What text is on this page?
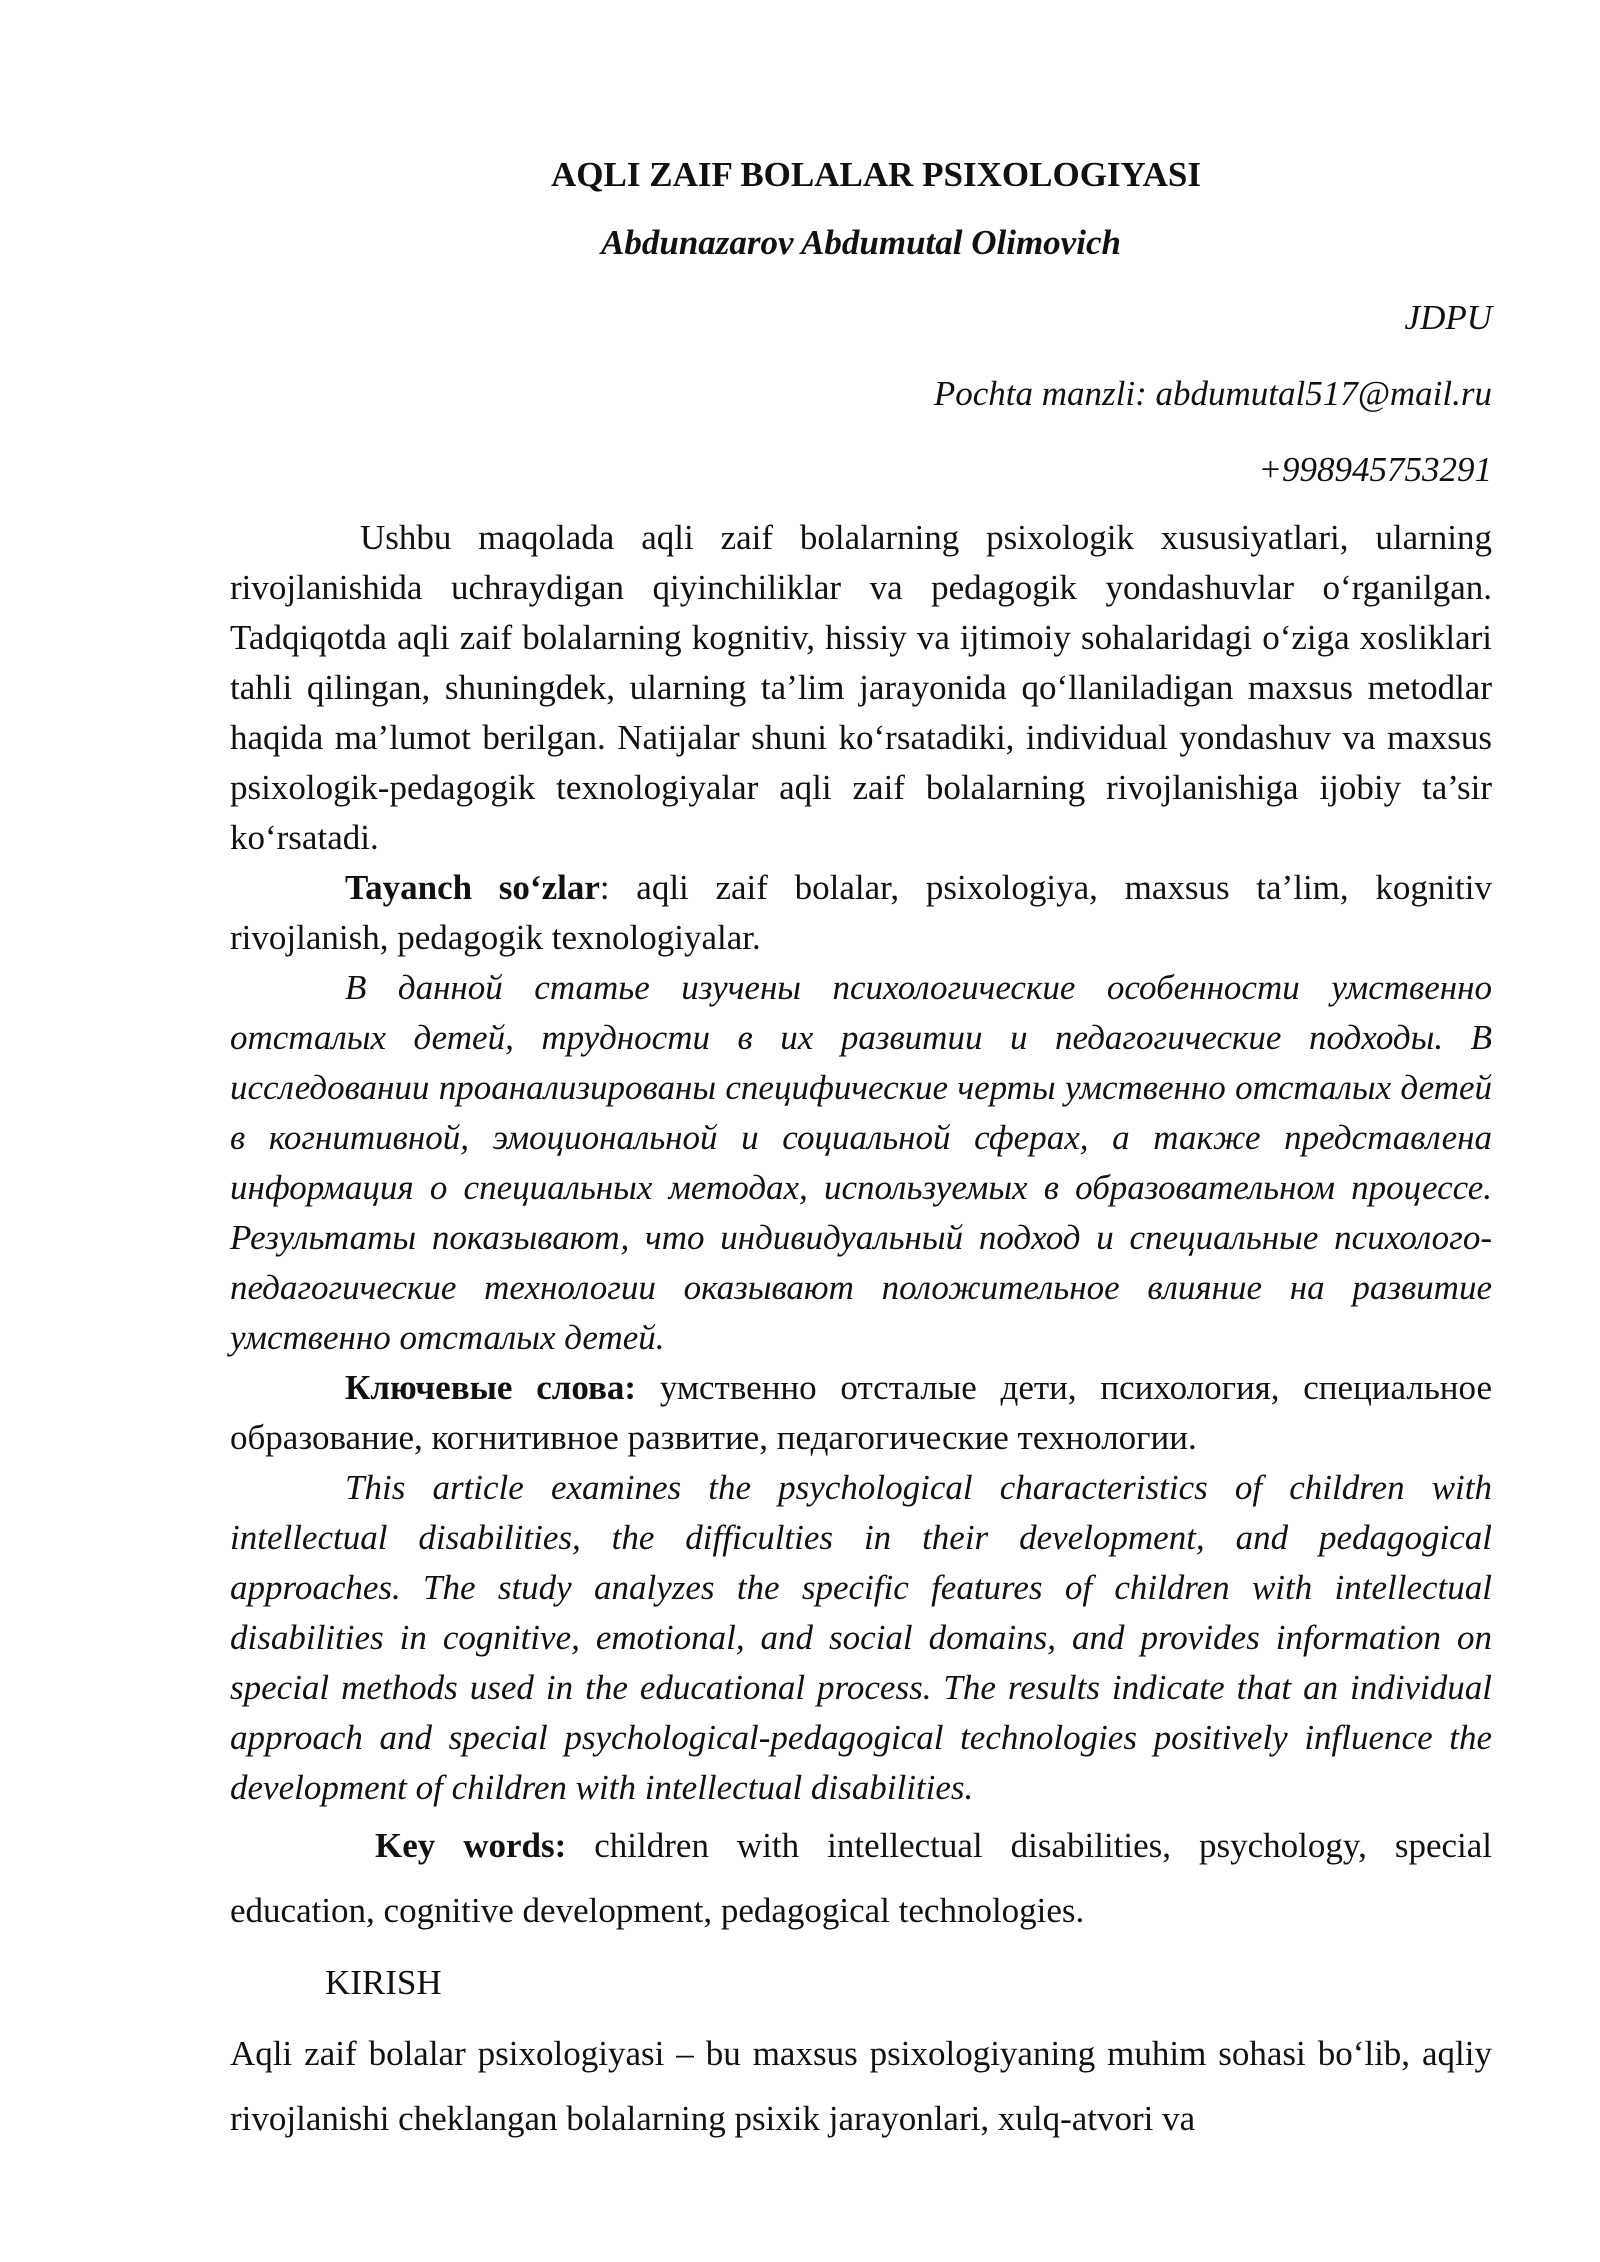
AQLI ZAIF BOLALAR PSIXOLOGIYASI

Abdunazarov Abdumutal Olimovich

JDPU

Pochta manzli: abdumutal517@mail.ru

+998945753291

Ushbu maqolada aqli zaif bolalarning psixologik xususiyatlari, ularning rivojlanishida uchraydigan qiyinchiliklar va pedagogik yondashuvlar o‘rganilgan. Tadqiqotda aqli zaif bolalarning kognitiv, hissiy va ijtimoiy sohalaridagi o‘ziga xosliklari tahli qilingan, shuningdek, ularning ta’lim jarayonida qo‘llaniladigan maxsus metodlar haqida ma’lumot berilgan. Natijalar shuni ko‘rsatadiki, individual yondashuv va maxsus psixologik-pedagogik texnologiyalar aqli zaif bolalarning rivojlanishiga ijobiy ta’sir ko‘rsatadi.

Tayanch so‘zlar: aqli zaif bolalar, psixologiya, maxsus ta’lim, kognitiv rivojlanish, pedagogik texnologiyalar.

В данной статье изучены психологические особенности умственно отсталых детей, трудности в их развитии и педагогические подходы. В исследовании проанализированы специфические черты умственно отсталых детей в когнитивной, эмоциональной и социальной сферах, а также представлена информация о специальных методах, используемых в образовательном процессе. Результаты показывают, что индивидуальный подход и специальные психолого-педагогические технологии оказывают положительное влияние на развитие умственно отсталых детей.

Ключевые слова: умственно отсталые дети, психология, специальное образование, когнитивное развитие, педагогические технологии.

This article examines the psychological characteristics of children with intellectual disabilities, the difficulties in their development, and pedagogical approaches. The study analyzes the specific features of children with intellectual disabilities in cognitive, emotional, and social domains, and provides information on special methods used in the educational process. The results indicate that an individual approach and special psychological-pedagogical technologies positively influence the development of children with intellectual disabilities.

Key words: children with intellectual disabilities, psychology, special education, cognitive development, pedagogical technologies.

KIRISH

Aqli zaif bolalar psixologiyasi – bu maxsus psixologiyaning muhim sohasi bo‘lib, aqliy rivojlanishi cheklangan bolalarning psixik jarayonlari, xulq-atvori va
